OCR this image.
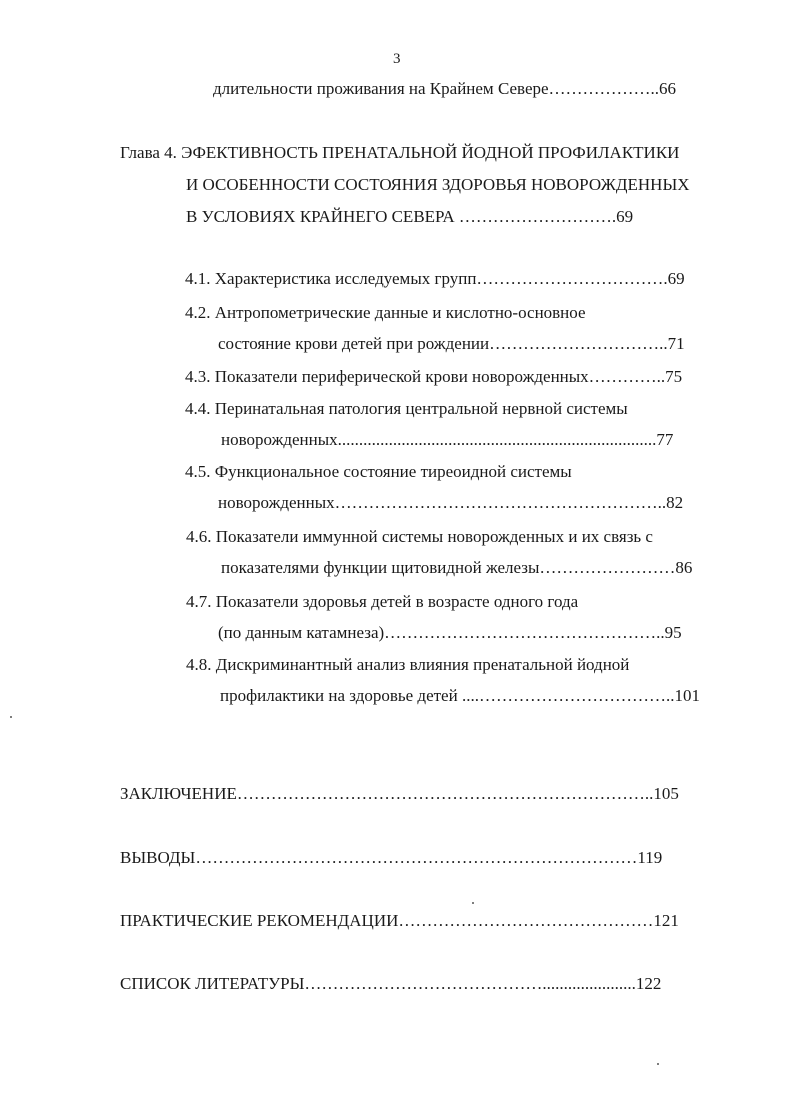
3
длительности проживания на Крайнем Севере………………..66
Глава 4. ЭФЕКТИВНОСТЬ ПРЕНАТАЛЬНОЙ ЙОДНОЙ ПРОФИЛАКТИКИ
И ОСОБЕННОСТИ СОСТОЯНИЯ ЗДОРОВЬЯ НОВОРОЖДЕННЫХ
В УСЛОВИЯХ КРАЙНЕГО СЕВЕРА ……………………….69
4.1. Характеристика исследуемых групп…………………………….69
4.2. Антропометрические данные и кислотно-основное
состояние крови детей при рождении…………………………..71
4.3. Показатели периферической крови новорожденных…………..75
4.4. Перинатальная патология центральной нервной системы
новорожденных...........................................................................77
4.5. Функциональное состояние тиреоидной системы
новорожденных…………………………………………………..82
4.6. Показатели иммунной системы новорожденных и их связь с
показателями функции щитовидной железы……………………86
4.7. Показатели здоровья детей в возрасте одного года
(по данным катамнеза)…………………………………………..95
4.8. Дискриминантный анализ влияния пренатальной йодной
профилактики на здоровье детей ....……………………………..101
ЗАКЛЮЧЕНИЕ………………………………………………………………..105
ВЫВОДЫ……………………………………………………………………119
ПРАКТИЧЕСКИЕ РЕКОМЕНДАЦИИ………………………………………121
СПИСОК ЛИТЕРАТУРЫ……………………………………......................122
